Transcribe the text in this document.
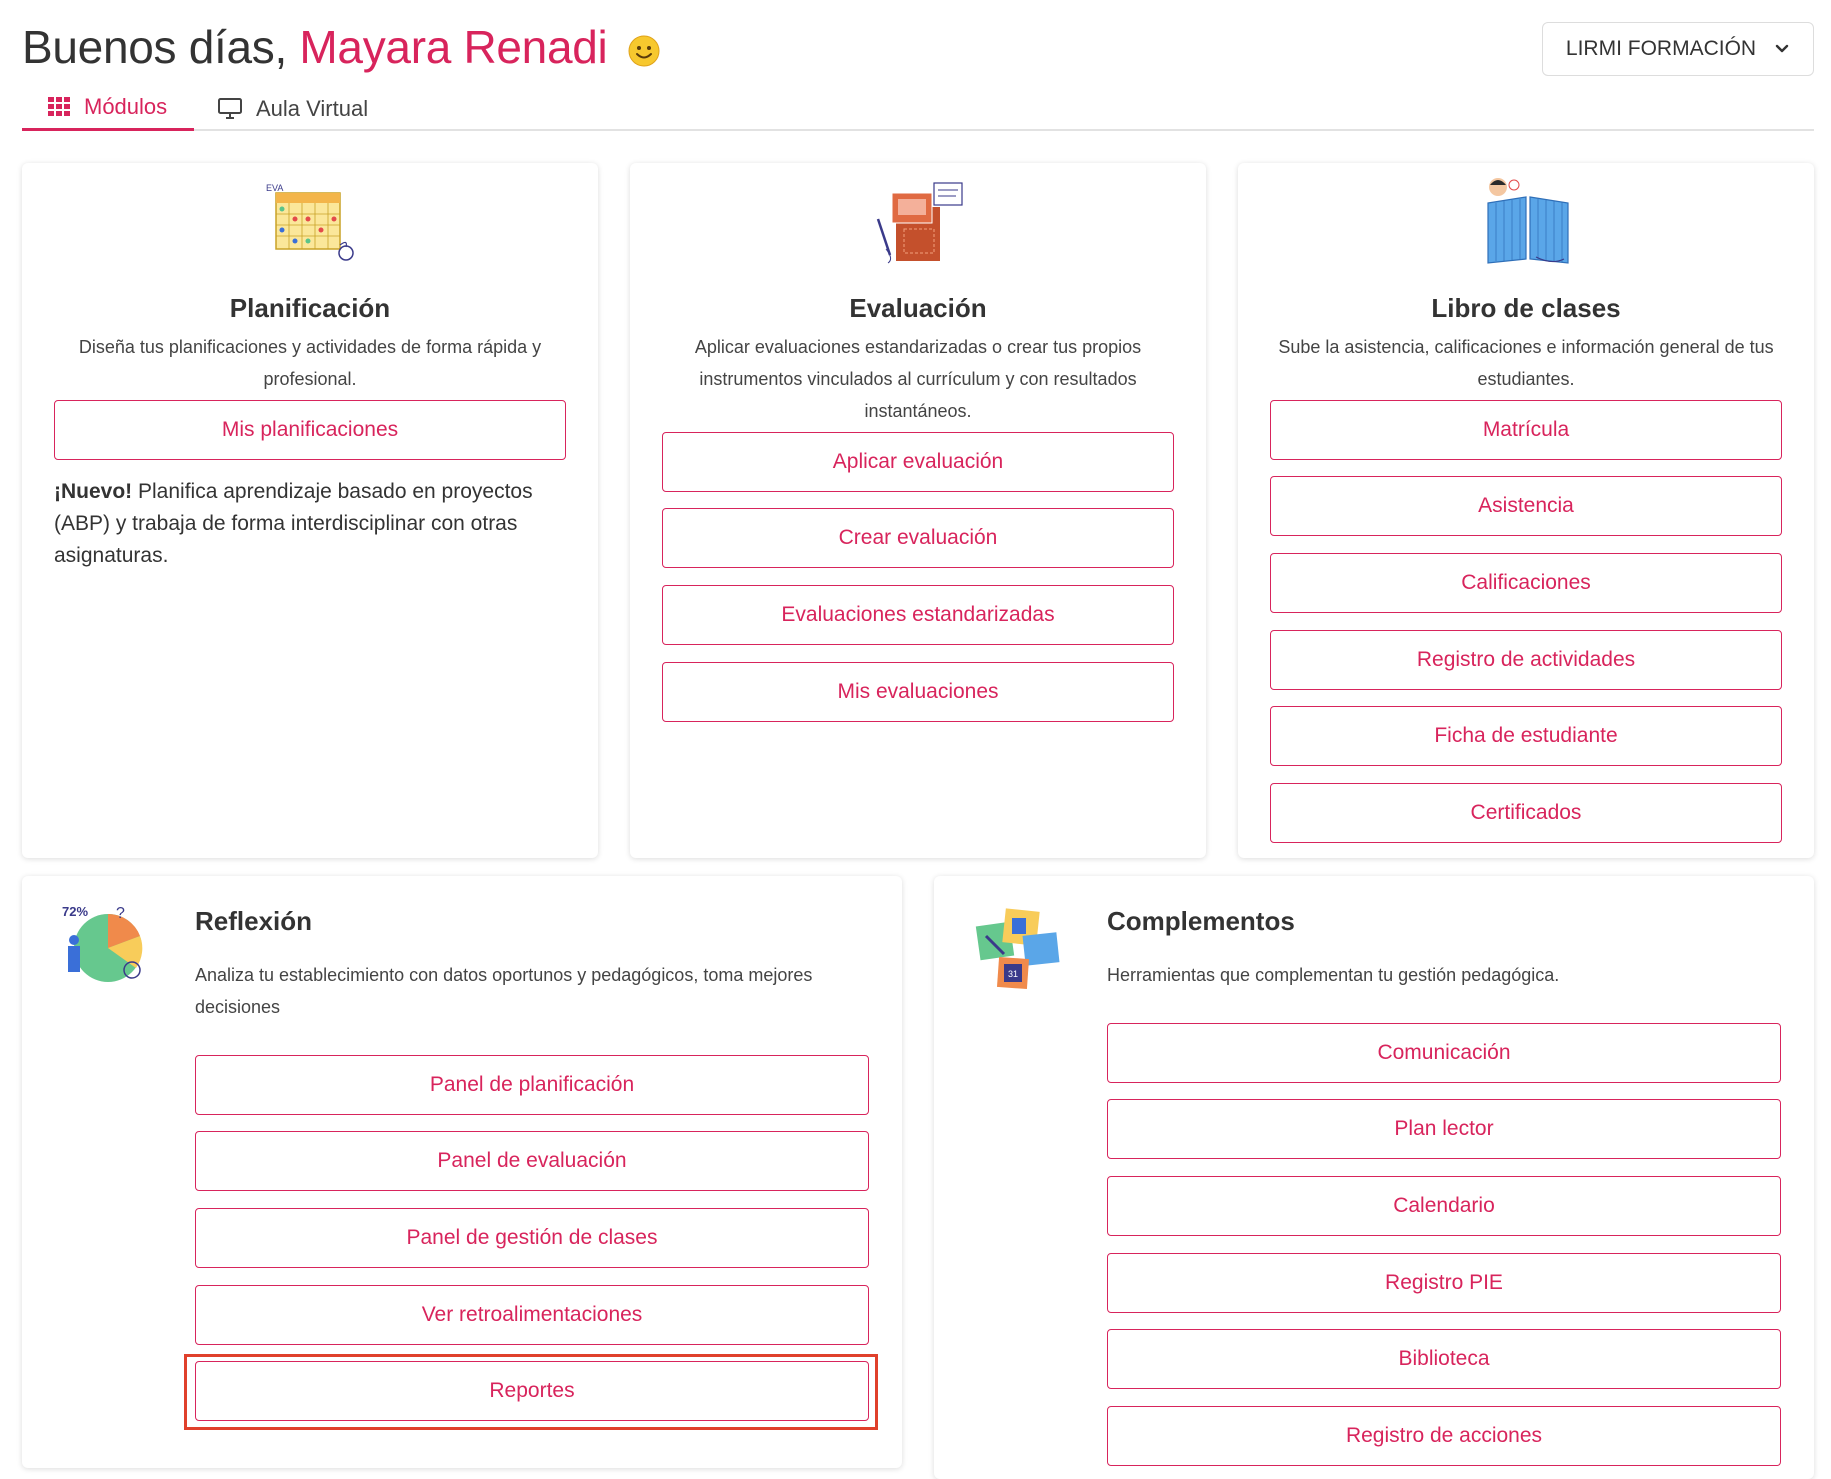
Buenos días, Mayara Renadi	LIRMI FORMACIÓN
Módulos	Aula Virtual
EVA
Planificación
Diseña tus planificaciones y actividades de forma rápida y profesional.
Mis planificaciones
¡Nuevo! Planifica aprendizaje basado en proyectos (ABP) y trabaja de forma interdisciplinar con otras asignaturas.
Evaluación
Aplicar evaluaciones estandarizadas o crear tus propios instrumentos vinculados al currículum y con resultados instantáneos.
Aplicar evaluación
Crear evaluación
Evaluaciones estandarizadas
Mis evaluaciones
Libro de clases
Sube la asistencia, calificaciones e información general de tus estudiantes.
Matrícula
Asistencia
Calificaciones
Registro de actividades
Ficha de estudiante
Certificados
72% ?	Reflexión
Analiza tu establecimiento con datos oportunos y pedagógicos, toma mejores decisiones
Panel de planificación
Panel de evaluación
Panel de gestión de clases
Ver retroalimentaciones
Reportes
31
Complementos
Herramientas que complementan tu gestión pedagógica.
Comunicación
Plan lector
Calendario
Registro PIE
Biblioteca
Registro de acciones
